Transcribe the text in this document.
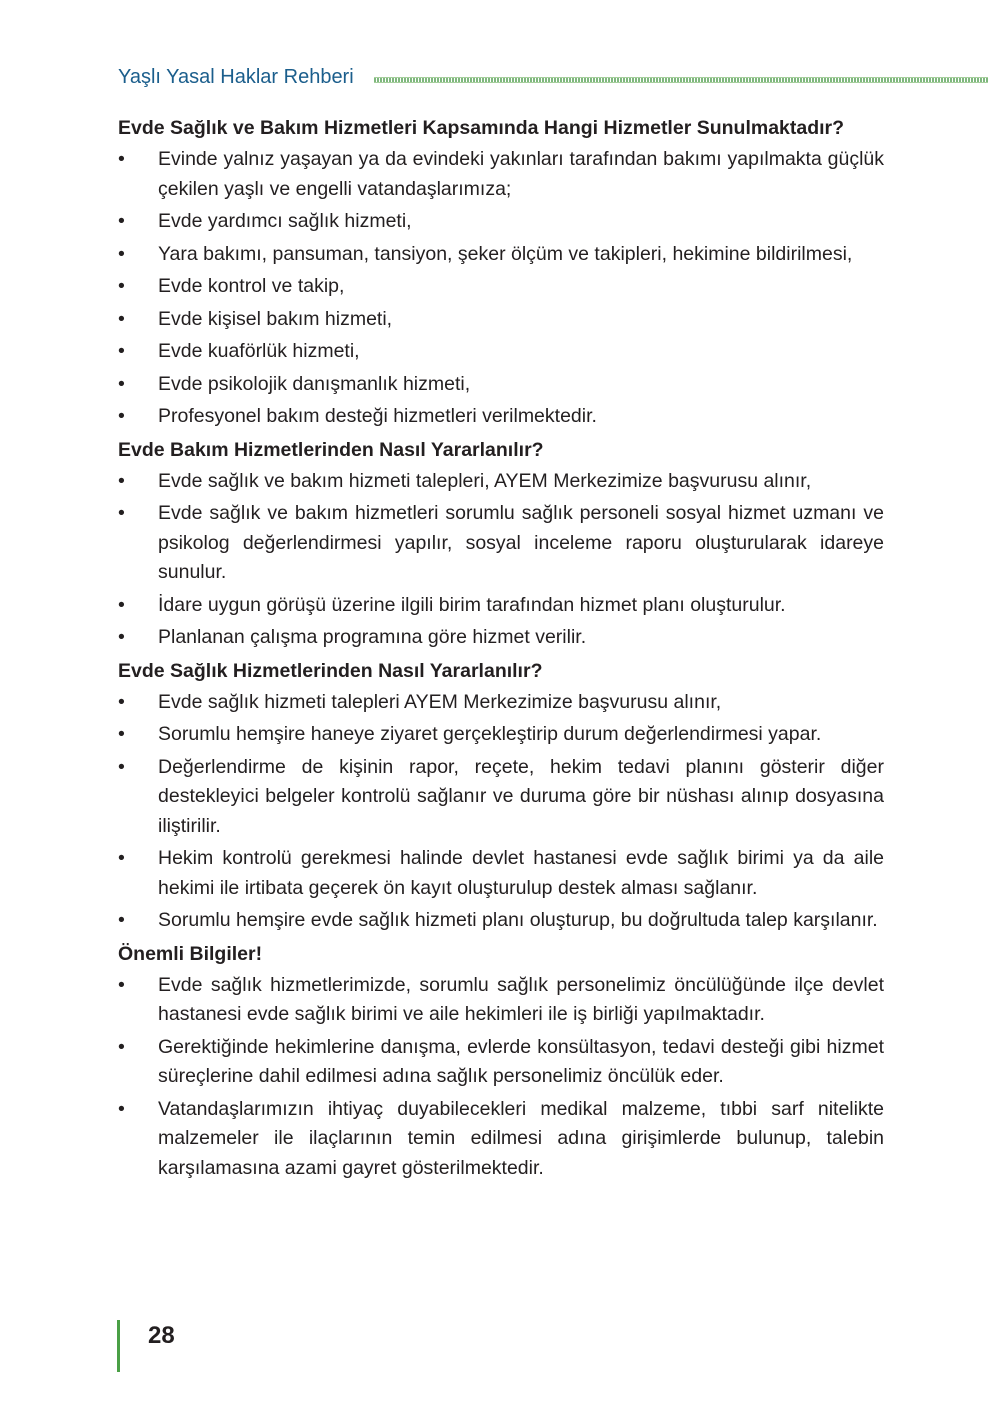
Yaşlı Yasal Haklar Rehberi
Evde Sağlık ve Bakım Hizmetleri Kapsamında Hangi Hizmetler Sunulmaktadır?
•	Evinde yalnız yaşayan ya da evindeki yakınları tarafından bakımı yapılmakta güçlük çekilen yaşlı ve engelli vatandaşlarımıza;
•	Evde yardımcı sağlık hizmeti,
•	Yara bakımı, pansuman, tansiyon, şeker ölçüm ve takipleri, hekimine bildirilmesi,
•	Evde kontrol ve takip,
•	Evde kişisel bakım hizmeti,
•	Evde kuaförlük hizmeti,
•	Evde psikolojik danışmanlık hizmeti,
•	Profesyonel bakım desteği hizmetleri verilmektedir.
Evde Bakım Hizmetlerinden Nasıl Yararlanılır?
•	Evde sağlık ve bakım hizmeti talepleri, AYEM Merkezimize başvurusu alınır,
•	Evde sağlık ve bakım hizmetleri sorumlu sağlık personeli sosyal hizmet uzmanı ve psikolog değerlendirmesi yapılır, sosyal inceleme raporu oluşturularak idareye sunulur.
•	İdare uygun görüşü üzerine ilgili birim tarafından hizmet planı oluşturulur.
•	Planlanan çalışma programına göre hizmet verilir.
Evde Sağlık Hizmetlerinden Nasıl Yararlanılır?
•	Evde sağlık hizmeti talepleri AYEM Merkezimize başvurusu alınır,
•	Sorumlu hemşire haneye ziyaret gerçekleştirip durum değerlendirmesi yapar.
•	Değerlendirme de kişinin rapor, reçete, hekim tedavi planını gösterir diğer destekleyici belgeler kontrolü sağlanır ve duruma göre bir nüshası alınıp dosyasına iliştirilir.
•	Hekim kontrolü gerekmesi halinde devlet hastanesi evde sağlık birimi ya da aile hekimi ile irtibata geçerek ön kayıt oluşturulup destek alması sağlanır.
•	Sorumlu hemşire evde sağlık hizmeti planı oluşturup, bu doğrultuda talep karşılanır.
Önemli Bilgiler!
•	Evde sağlık hizmetlerimizde, sorumlu sağlık personelimiz öncülüğünde ilçe devlet hastanesi evde sağlık birimi ve aile hekimleri ile iş birliği yapılmaktadır.
•	Gerektiğinde hekimlerine danışma, evlerde konsültasyon, tedavi desteği gibi hizmet süreçlerine dahil edilmesi adına sağlık personelimiz öncülük eder.
•	Vatandaşlarımızın ihtiyaç duyabilecekleri medikal malzeme, tıbbi sarf nitelikte malzemeler ile ilaçlarının temin edilmesi adına girişimlerde bulunup, talebin karşılamasına azami gayret gösterilmektedir.
28
